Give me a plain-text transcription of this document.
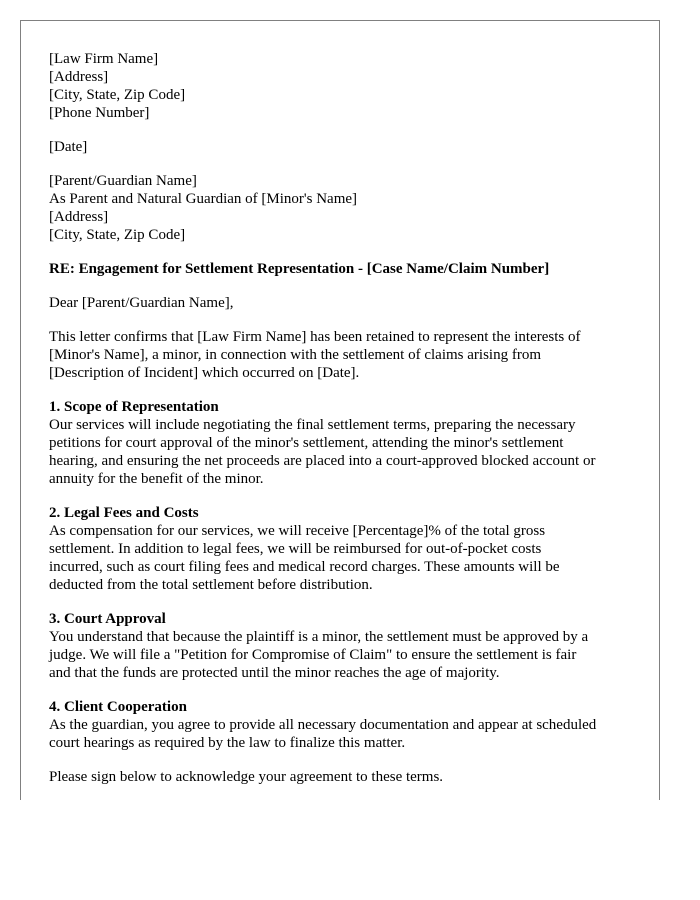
[Law Firm Name]
[Address]
[City, State, Zip Code]
[Phone Number]
[Date]
[Parent/Guardian Name]
As Parent and Natural Guardian of [Minor's Name]
[Address]
[City, State, Zip Code]
RE: Engagement for Settlement Representation - [Case Name/Claim Number]
Dear [Parent/Guardian Name],
This letter confirms that [Law Firm Name] has been retained to represent the interests of
[Minor's Name], a minor, in connection with the settlement of claims arising from
[Description of Incident] which occurred on [Date].
1. Scope of Representation
Our services will include negotiating the final settlement terms, preparing the necessary
petitions for court approval of the minor's settlement, attending the minor's settlement
hearing, and ensuring the net proceeds are placed into a court-approved blocked account or
annuity for the benefit of the minor.
2. Legal Fees and Costs
As compensation for our services, we will receive [Percentage]% of the total gross
settlement. In addition to legal fees, we will be reimbursed for out-of-pocket costs
incurred, such as court filing fees and medical record charges. These amounts will be
deducted from the total settlement before distribution.
3. Court Approval
You understand that because the plaintiff is a minor, the settlement must be approved by a
judge. We will file a "Petition for Compromise of Claim" to ensure the settlement is fair
and that the funds are protected until the minor reaches the age of majority.
4. Client Cooperation
As the guardian, you agree to provide all necessary documentation and appear at scheduled
court hearings as required by the law to finalize this matter.
Please sign below to acknowledge your agreement to these terms.
